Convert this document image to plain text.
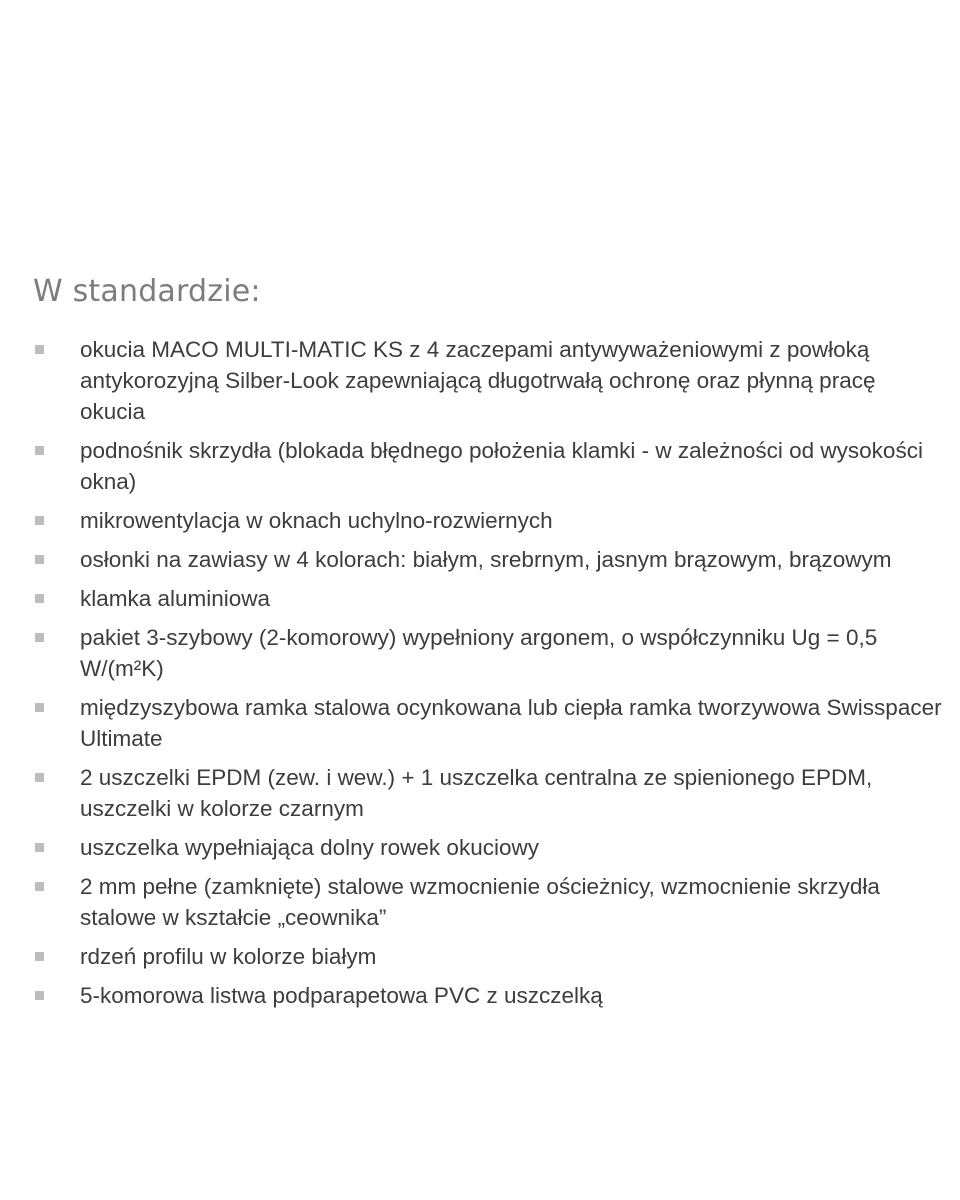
W standardzie:
okucia MACO MULTI-MATIC KS z 4 zaczepami antywyważeniowymi z powłoką antykorozyjną Silber-Look zapewniającą długotrwałą ochronę oraz płynną pracę okucia
podnośnik skrzydła (blokada błędnego położenia klamki - w zależności od wysokości okna)
mikrowentylacja w oknach uchylno-rozwiernych
osłonki na zawiasy w 4 kolorach: białym, srebrnym, jasnym brązowym, brązowym
klamka aluminiowa
pakiet 3-szybowy (2-komorowy) wypełniony argonem, o współczynniku Ug = 0,5 W/(m²K)
międzyszybowa ramka stalowa ocynkowana lub ciepła ramka tworzywowa Swisspacer Ultimate
2 uszczelki EPDM (zew. i wew.) + 1 uszczelka centralna ze spienionego EPDM, uszczelki w kolorze czarnym
uszczelka wypełniająca dolny rowek okuciowy
2 mm pełne (zamknięte) stalowe wzmocnienie ościeżnicy, wzmocnienie skrzydła stalowe w kształcie „ceownika”
rdzeń profilu w kolorze białym
5-komorowa listwa podparapetowa PVC z uszczelką
